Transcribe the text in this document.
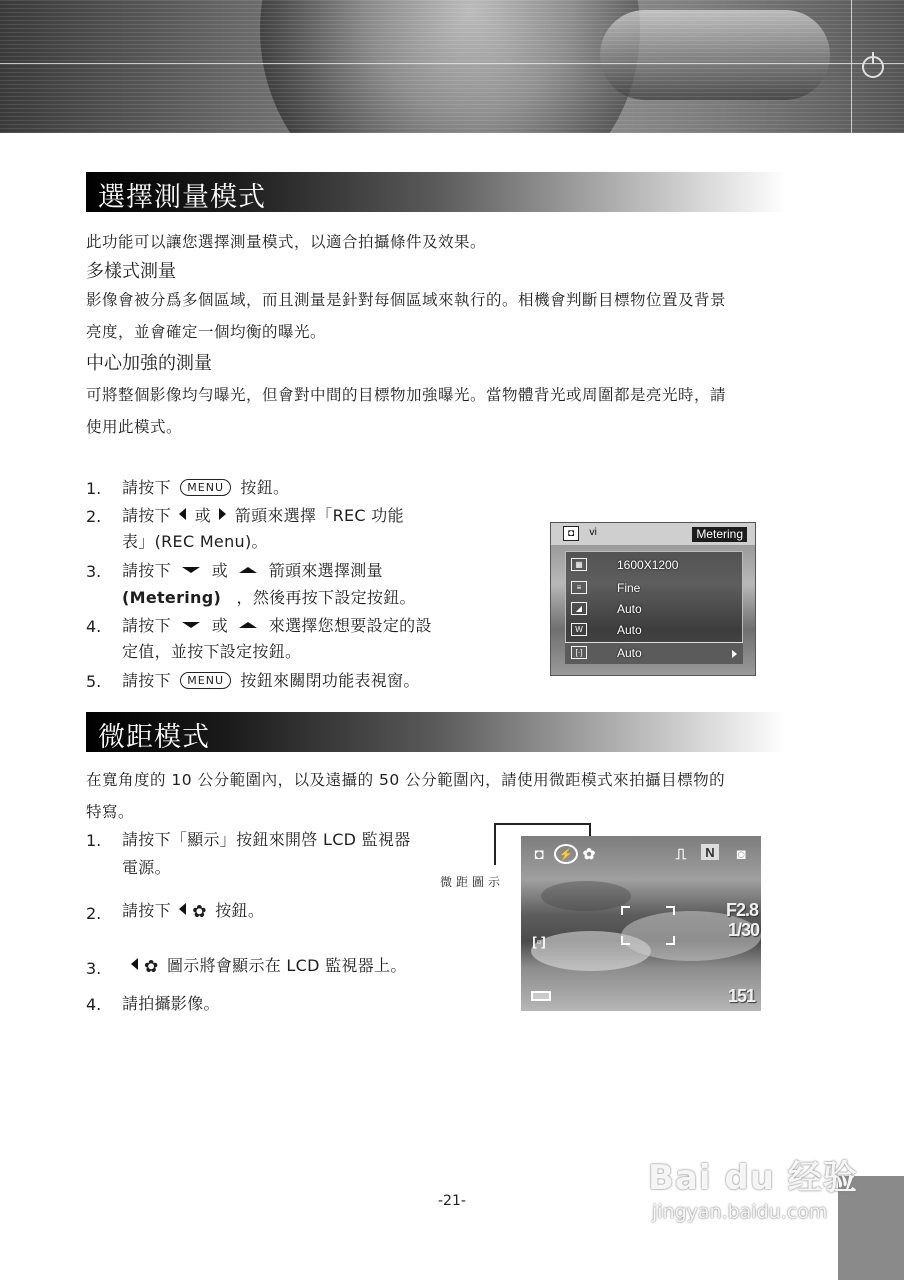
選擇測量模式
此功能可以讓您選擇測量模式，以適合拍攝條件及效果。
多樣式測量
影像會被分爲多個區域，而且測量是針對每個區域來執行的。相機會判斷目標物位置及背景
亮度，並會確定一個均衡的曝光。
中心加強的測量
可將整個影像均勻曝光，但會對中間的目標物加強曝光。當物體背光或周圍都是亮光時，請
使用此模式。
1. 請按下 MENU 按鈕。
2. 請按下 或 箭頭來選擇「REC 功能
表」(REC Menu)。
3. 請按下	或	箭頭來選擇測量
(Metering) ，然後再按下設定按鈕。
4. 請按下	或	來選擇您想要設定的設
定值，並按下設定按鈕。
5. 請按下 MENU 按鈕來關閉功能表視窗。
◘	ⅵ	Metering
▦	1600X1200
≡	Fine
◢	Auto
W	Auto
[·]	Auto
微距模式
在寬角度的 10 公分範圍內，以及遠攝的 50 公分範圍內，請使用微距模式來拍攝目標物的
特寫。
1. 請按下「顯示」按鈕來開啓 LCD 監視器
電源。
2. 請按下 ✿ 按鈕。
3.	✿ 圖示將會顯示在 LCD 監視器上。
4. 請拍攝影像。
微距圖示
◘	⚡ ✿	⎍	N	◙
[▫]
F2.8
1/30
151
-21-
Bai du 经验
jingyan.baidu.com
